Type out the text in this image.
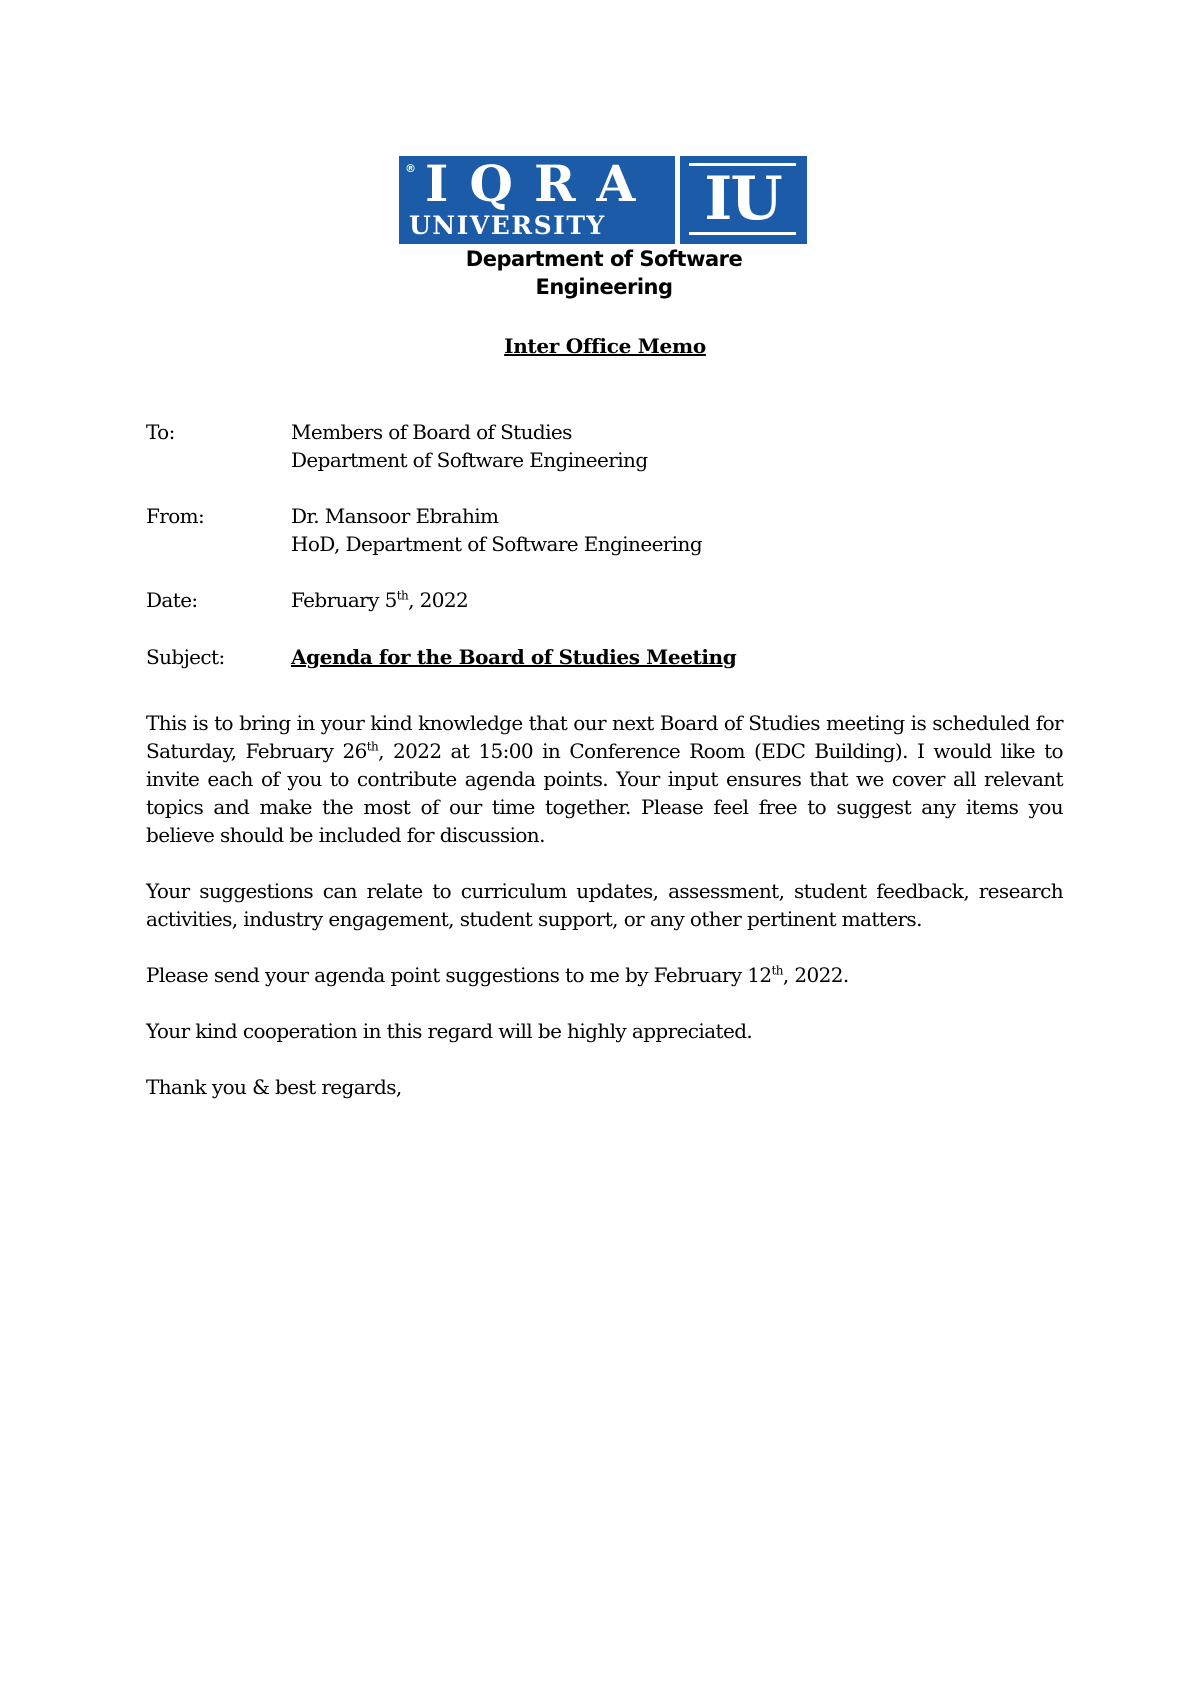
® IQRA
UNIVERSITY IU
Department of Software Engineering
Inter Office Memo
To:	Members of Board of Studies
Department of Software Engineering
From:	Dr. Mansoor Ebrahim
HoD, Department of Software Engineering
Date:	February 5th, 2022
Subject:	Agenda for the Board of Studies Meeting
This is to bring in your kind knowledge that our next Board of Studies meeting is scheduled for Saturday, February 26th, 2022 at 15:00 in Conference Room (EDC Building). I would like to invite each of you to contribute agenda points. Your input ensures that we cover all relevant topics and make the most of our time together. Please feel free to suggest any items you believe should be included for discussion.
Your suggestions can relate to curriculum updates, assessment, student feedback, research activities, industry engagement, student support, or any other pertinent matters.
Please send your agenda point suggestions to me by February 12th, 2022.
Your kind cooperation in this regard will be highly appreciated.
Thank you & best regards,
